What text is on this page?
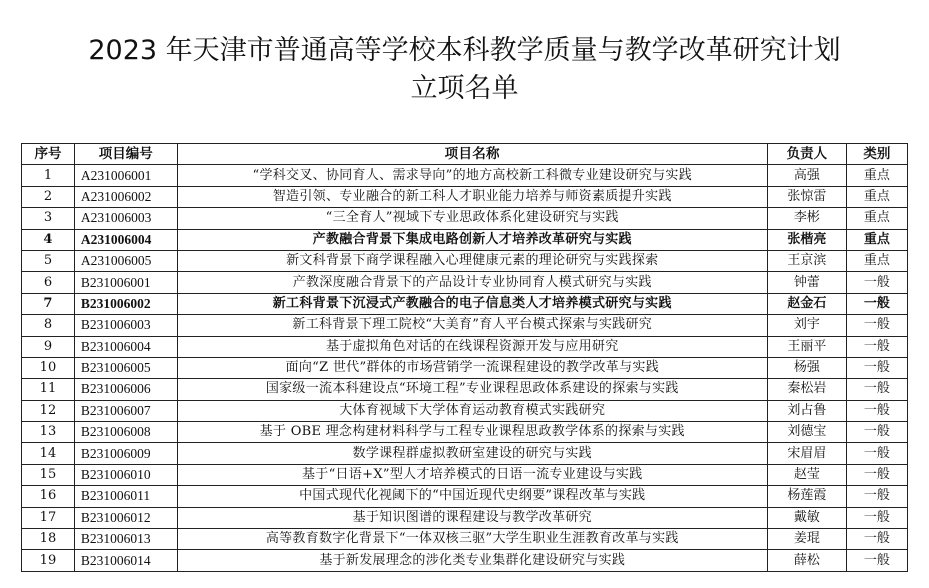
2023 年天津市普通高等学校本科教学质量与教学改革研究计划
立项名单
序号	项目编号	项目名称	负责人	类别
1	A231006001	“学科交叉、协同育人、需求导向”的地方高校新工科微专业建设研究与实践	高强	重点
2	A231006002	智造引领、专业融合的新工科人才职业能力培养与师资素质提升实践	张惊雷	重点
3	A231006003	“三全育人”视域下专业思政体系化建设研究与实践	李彬	重点
4	A231006004	产教融合背景下集成电路创新人才培养改革研究与实践	张楷亮	重点
5	A231006005	新文科背景下商学课程融入心理健康元素的理论研究与实践探索	王京滨	重点
6	B231006001	产教深度融合背景下的产品设计专业协同育人模式研究与实践	钟蕾	一般
7	B231006002	新工科背景下沉浸式产教融合的电子信息类人才培养模式研究与实践	赵金石	一般
8	B231006003	新工科背景下理工院校“大美育”育人平台模式探索与实践研究	刘宇	一般
9	B231006004	基于虚拟角色对话的在线课程资源开发与应用研究	王丽平	一般
10	B231006005	面向“Z 世代”群体的市场营销学一流课程建设的教学改革与实践	杨强	一般
11	B231006006	国家级一流本科建设点“环境工程”专业课程思政体系建设的探索与实践	秦松岩	一般
12	B231006007	大体育视域下大学体育运动教育模式实践研究	刘占鲁	一般
13	B231006008	基于 OBE 理念构建材料科学与工程专业课程思政教学体系的探索与实践	刘德宝	一般
14	B231006009	数学课程群虚拟教研室建设的研究与实践	宋眉眉	一般
15	B231006010	基于“日语+X”型人才培养模式的日语一流专业建设与实践	赵莹	一般
16	B231006011	中国式现代化视阈下的“中国近现代史纲要”课程改革与实践	杨莲霞	一般
17	B231006012	基于知识图谱的课程建设与教学改革研究	戴敏	一般
18	B231006013	高等教育数字化背景下“一体双核三驱”大学生职业生涯教育改革与实践	姜琨	一般
19	B231006014	基于新发展理念的涉化类专业集群化建设研究与实践	薛松	一般
